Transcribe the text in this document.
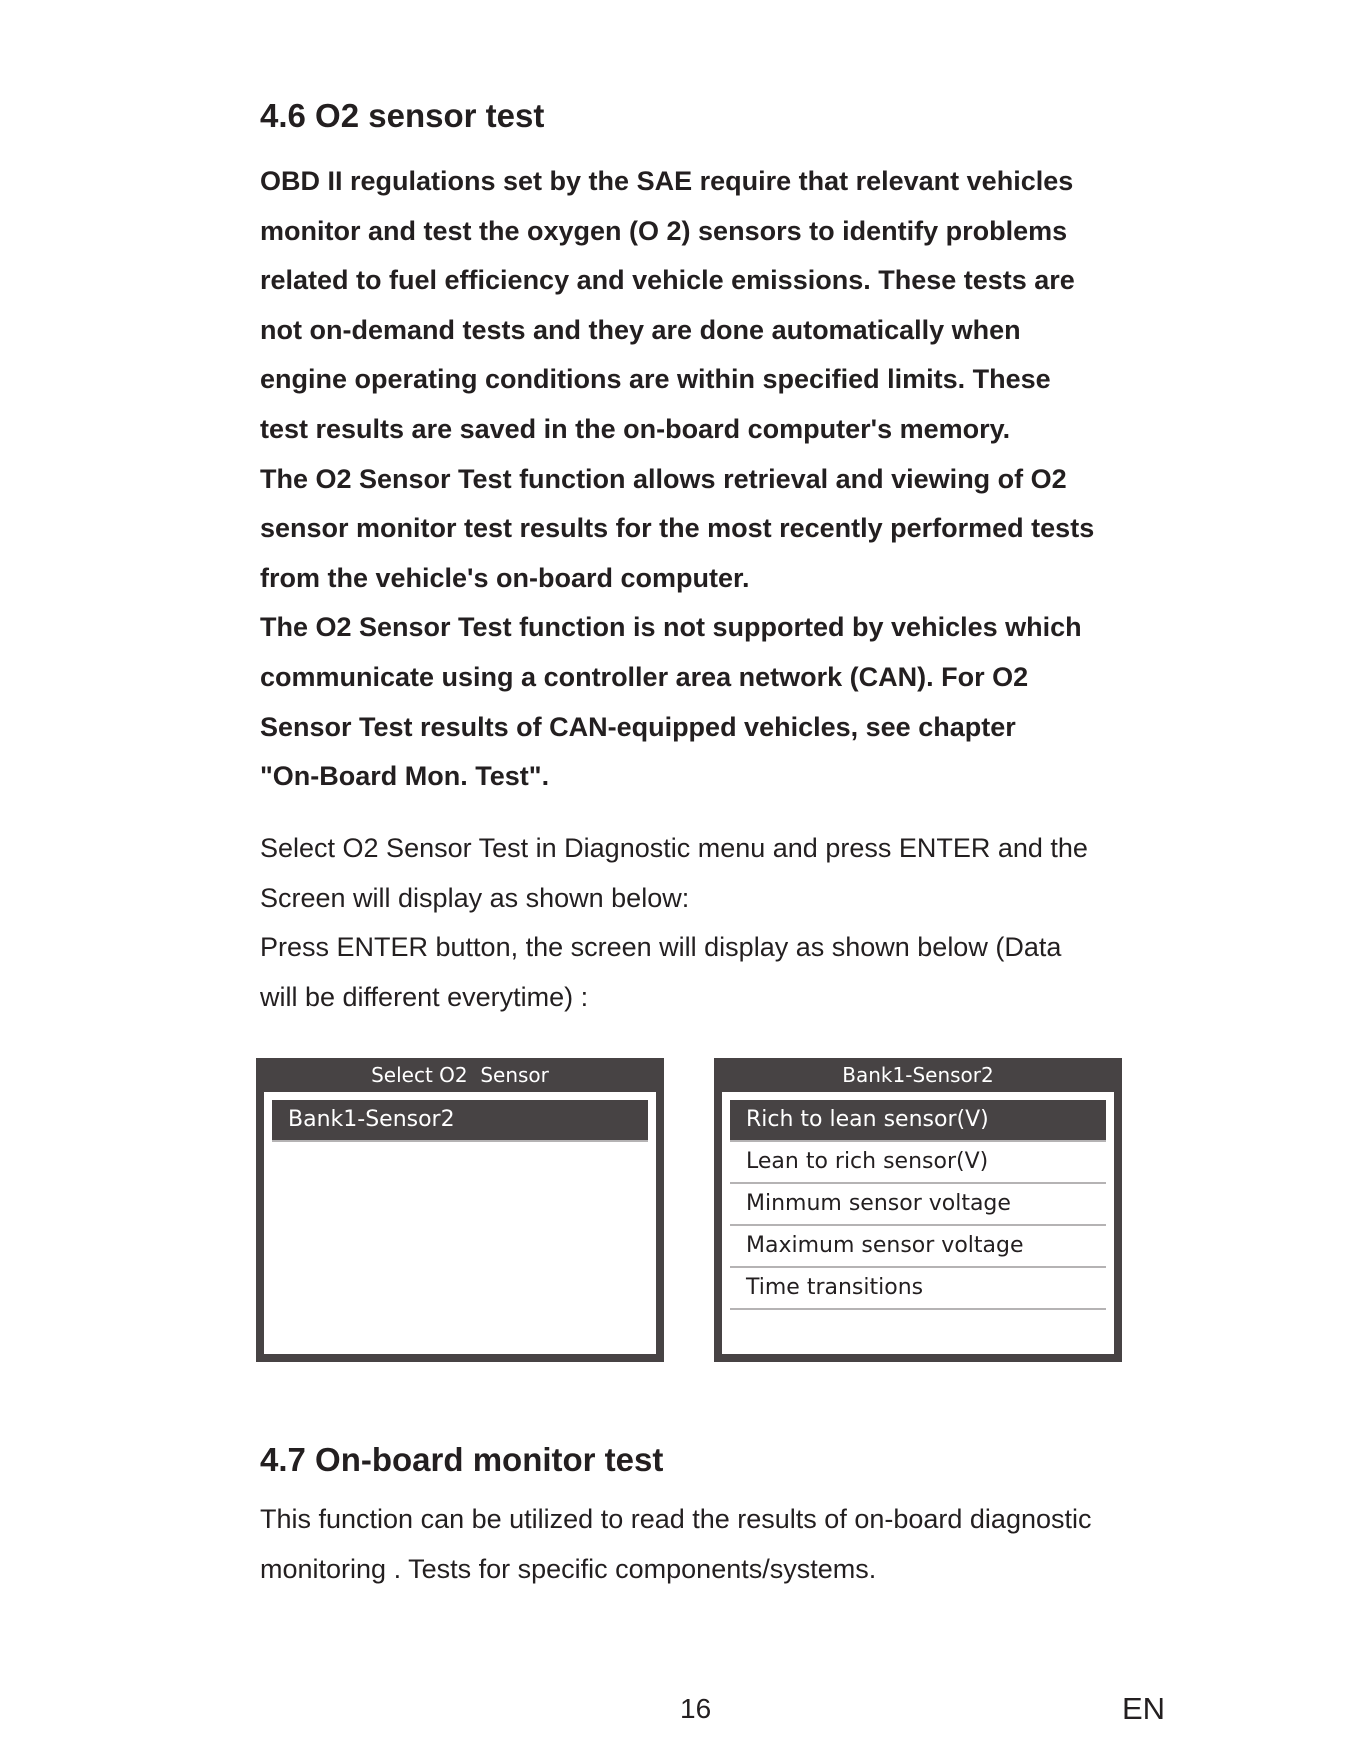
4.6 O2 sensor test
OBD II regulations set by the SAE require that relevant vehicles
monitor and test the oxygen (O 2) sensors to identify problems
related to fuel efficiency and vehicle emissions. These tests are
not on-demand tests and they are done automatically when
engine operating conditions are within specified limits. These
test results are saved in the on-board computer's memory.
The O2 Sensor Test function allows retrieval and viewing of O2
sensor monitor test results for the most recently performed tests
from the vehicle's on-board computer.
The O2 Sensor Test function is not supported by vehicles which
communicate using a controller area network (CAN). For O2
Sensor Test results of CAN-equipped vehicles, see chapter
"On-Board Mon. Test".
Select O2 Sensor Test in Diagnostic menu and press ENTER and the
Screen will display as shown below:
Press ENTER button, the screen will display as shown below (Data
will be different everytime) :
4.7 On-board monitor test
This function can be utilized to read the results of on-board diagnostic
monitoring . Tests for specific components/systems.
Select O2  Sensor
Bank1-Sensor2
Bank1-Sensor2
Rich to lean sensor(V)
Lean to rich sensor(V)
Minmum sensor voltage
Maximum sensor voltage
Time transitions
16	EN
